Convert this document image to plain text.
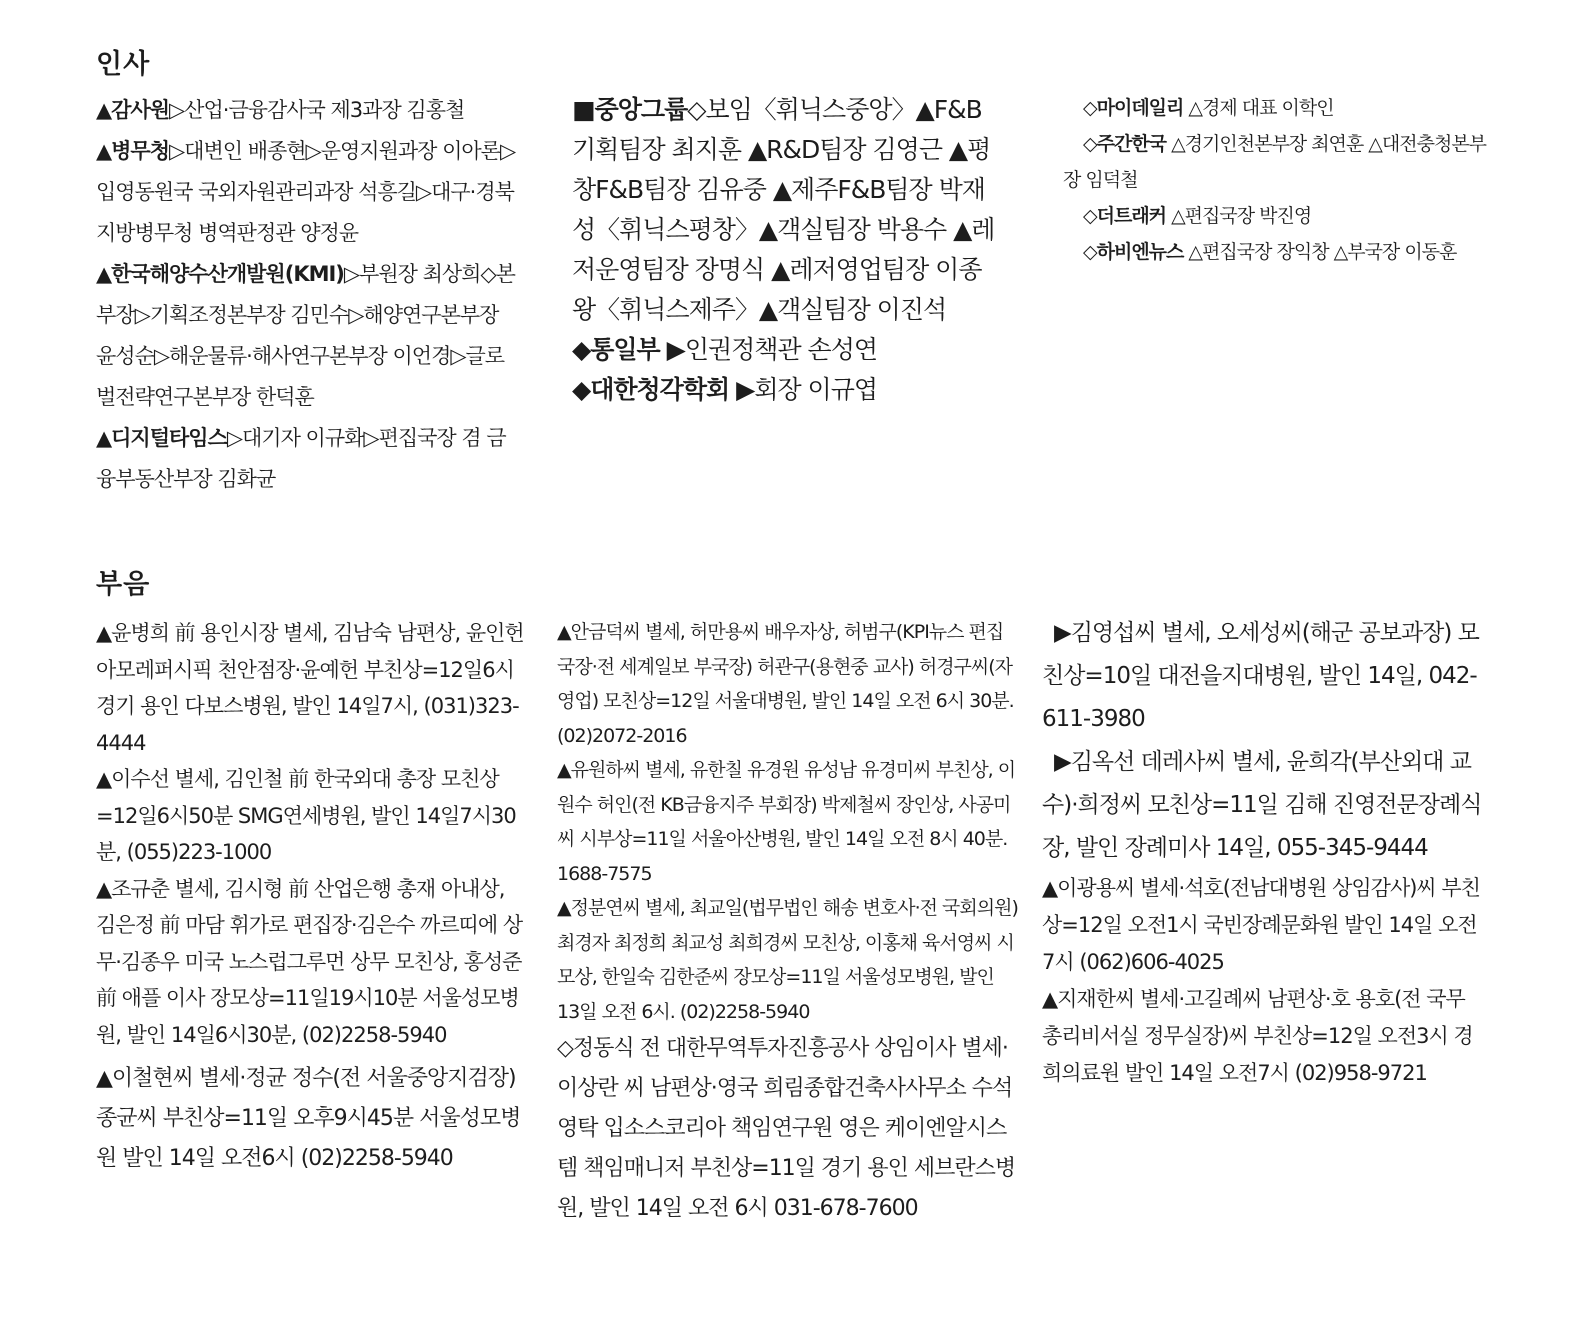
인사

▲감사원▷산업·금융감사국 제3과장 김홍철

▲병무청▷대변인 배종현▷운영지원과장 이아론▷입영동원국 국외자원관리과장 석흥길▷대구·경북지방병무청 병역판정관 양정윤

▲한국해양수산개발원(KMI)▷부원장 최상희◇본부장▷기획조정본부장 김민수▷해양연구본부장 윤성순▷해운물류·해사연구본부장 이언경▷글로벌전략연구본부장 한덕훈

▲디지털타임스▷대기자 이규화▷편집국장 겸 금융부동산부장 김화균

■중앙그룹◇보임〈휘닉스중앙〉▲F&B기획팀장 최지훈 ▲R&D팀장 김영근 ▲평창F&B팀장 김유중 ▲제주F&B팀장 박재성〈휘닉스평창〉▲객실팀장 박용수 ▲레저운영팀장 장명식 ▲레저영업팀장 이종왕〈휘닉스제주〉▲객실팀장 이진석

◆통일부 ▶인권정책관 손성연

◆대한청각학회 ▶회장 이규엽

◇마이데일리 △경제 대표 이학인

◇주간한국 △경기인천본부장 최연훈 △대전충청본부장 임덕철

◇더트래커 △편집국장 박진영

◇하비엔뉴스 △편집국장 장익창 △부국장 이동훈

부음

▲윤병희 前 용인시장 별세, 김남숙 남편상, 윤인헌 아모레퍼시픽 천안점장·윤예헌 부친상=12일6시 경기 용인 다보스병원, 발인 14일7시, (031)323-4444

▲이수선 별세, 김인철 前 한국외대 총장 모친상=12일6시50분 SMG연세병원, 발인 14일7시30분, (055)223-1000

▲조규춘 별세, 김시형 前 산업은행 총재 아내상, 김은정 前 마담 휘가로 편집장·김은수 까르띠에 상무·김종우 미국 노스럽그루먼 상무 모친상, 홍성준 前 애플 이사 장모상=11일19시10분 서울성모병원, 발인 14일6시30분, (02)2258-5940

▲이철현씨 별세·정균 정수(전 서울중앙지검장) 종균씨 부친상=11일 오후9시45분 서울성모병원 발인 14일 오전6시 (02)2258-5940

▲안금덕씨 별세, 허만용씨 배우자상, 허범구(KPI뉴스 편집국장·전 세계일보 부국장) 허관구(용현중 교사) 허경구씨(자영업) 모친상=12일 서울대병원, 발인 14일 오전 6시 30분. (02)2072-2016

▲유원하씨 별세, 유한칠 유경원 유성남 유경미씨 부친상, 이원수 허인(전 KB금융지주 부회장) 박제철씨 장인상, 사공미씨 시부상=11일 서울아산병원, 발인 14일 오전 8시 40분. 1688-7575

▲정분연씨 별세, 최교일(법무법인 해송 변호사·전 국회의원) 최경자 최정희 최교성 최희경씨 모친상, 이홍채 육서영씨 시모상, 한일숙 김한준씨 장모상=11일 서울성모병원, 발인 13일 오전 6시. (02)2258-5940

◇정동식 전 대한무역투자진흥공사 상임이사 별세·이상란 씨 남편상·영국 희림종합건축사사무소 수석 영탁 입소스코리아 책임연구원 영은 케이엔알시스템 책임매니저 부친상=11일 경기 용인 세브란스병원, 발인 14일 오전 6시 031-678-7600

▶김영섭씨 별세, 오세성씨(해군 공보과장) 모친상=10일 대전을지대병원, 발인 14일, 042-611-3980

▶김옥선 데레사씨 별세, 윤희각(부산외대 교수)·희정씨 모친상=11일 김해 진영전문장례식장, 발인 장례미사 14일, 055-345-9444

▲이광용씨 별세·석호(전남대병원 상임감사)씨 부친상=12일 오전1시 국빈장례문화원 발인 14일 오전7시 (062)606-4025

▲지재한씨 별세·고길례씨 남편상·호 용호(전 국무총리비서실 정무실장)씨 부친상=12일 오전3시 경희의료원 발인 14일 오전7시 (02)958-9721
